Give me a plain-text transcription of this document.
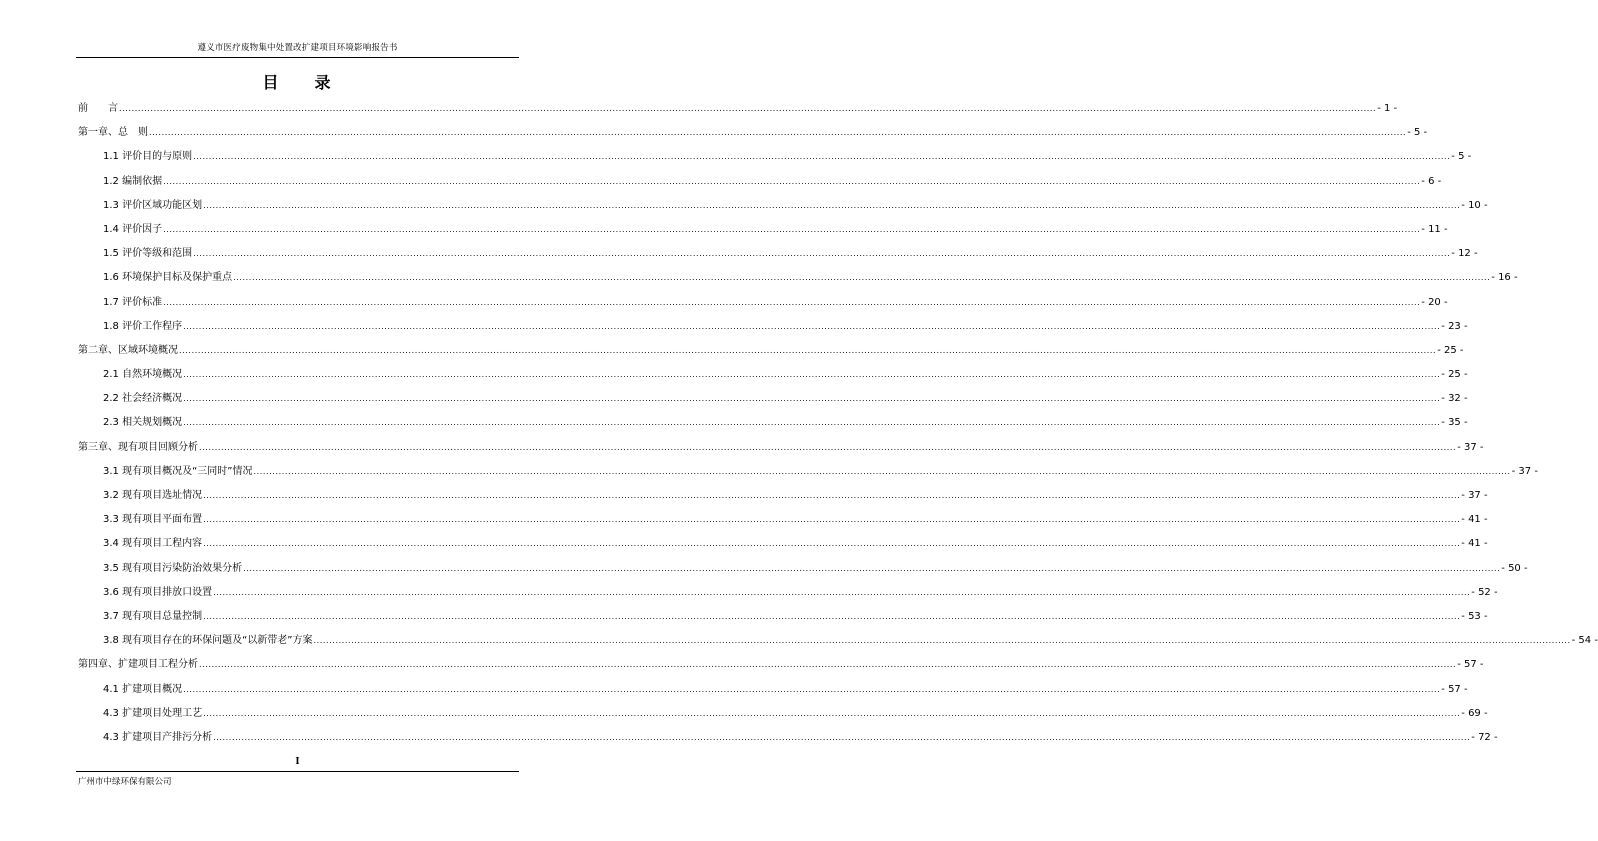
遵义市医疗废物集中处置改扩建项目环境影响报告书
目 录
前　　言 ................................................................................................................................................................................................................................................................................................................................................................................................................ - 1 -
第一章、总　则 ................................................................................................................................................................................................................................................................................................................................................................................................................ - 5 -
1.1 评价目的与原则 ................................................................................................................................................................................................................................................................................................................................................................................................................ - 5 -
1.2 编制依据 ................................................................................................................................................................................................................................................................................................................................................................................................................ - 6 -
1.3 评价区域功能区划 ................................................................................................................................................................................................................................................................................................................................................................................................................ - 10 -
1.4 评价因子 ................................................................................................................................................................................................................................................................................................................................................................................................................ - 11 -
1.5 评价等级和范围 ................................................................................................................................................................................................................................................................................................................................................................................................................ - 12 -
1.6 环境保护目标及保护重点 ................................................................................................................................................................................................................................................................................................................................................................................................................ - 16 -
1.7 评价标准 ................................................................................................................................................................................................................................................................................................................................................................................................................ - 20 -
1.8 评价工作程序 ................................................................................................................................................................................................................................................................................................................................................................................................................ - 23 -
第二章、区域环境概况 ................................................................................................................................................................................................................................................................................................................................................................................................................ - 25 -
2.1 自然环境概况 ................................................................................................................................................................................................................................................................................................................................................................................................................ - 25 -
2.2 社会经济概况 ................................................................................................................................................................................................................................................................................................................................................................................................................ - 32 -
2.3 相关规划概况 ................................................................................................................................................................................................................................................................................................................................................................................................................ - 35 -
第三章、现有项目回顾分析 ................................................................................................................................................................................................................................................................................................................................................................................................................ - 37 -
3.1 现有项目概况及“三同时”情况 ................................................................................................................................................................................................................................................................................................................................................................................................................ - 37 -
3.2 现有项目选址情况 ................................................................................................................................................................................................................................................................................................................................................................................................................ - 37 -
3.3 现有项目平面布置 ................................................................................................................................................................................................................................................................................................................................................................................................................ - 41 -
3.4 现有项目工程内容 ................................................................................................................................................................................................................................................................................................................................................................................................................ - 41 -
3.5 现有项目污染防治效果分析 ................................................................................................................................................................................................................................................................................................................................................................................................................ - 50 -
3.6 现有项目排放口设置 ................................................................................................................................................................................................................................................................................................................................................................................................................ - 52 -
3.7 现有项目总量控制 ................................................................................................................................................................................................................................................................................................................................................................................................................ - 53 -
3.8 现有项目存在的环保问题及“以新带老”方案 ................................................................................................................................................................................................................................................................................................................................................................................................................ - 54 -
第四章、扩建项目工程分析 ................................................................................................................................................................................................................................................................................................................................................................................................................ - 57 -
4.1 扩建项目概况 ................................................................................................................................................................................................................................................................................................................................................................................................................ - 57 -
4.3 扩建项目处理工艺 ................................................................................................................................................................................................................................................................................................................................................................................................................ - 69 -
4.3 扩建项目产排污分析 ................................................................................................................................................................................................................................................................................................................................................................................................................ - 72 -
I
广州市中绿环保有限公司
